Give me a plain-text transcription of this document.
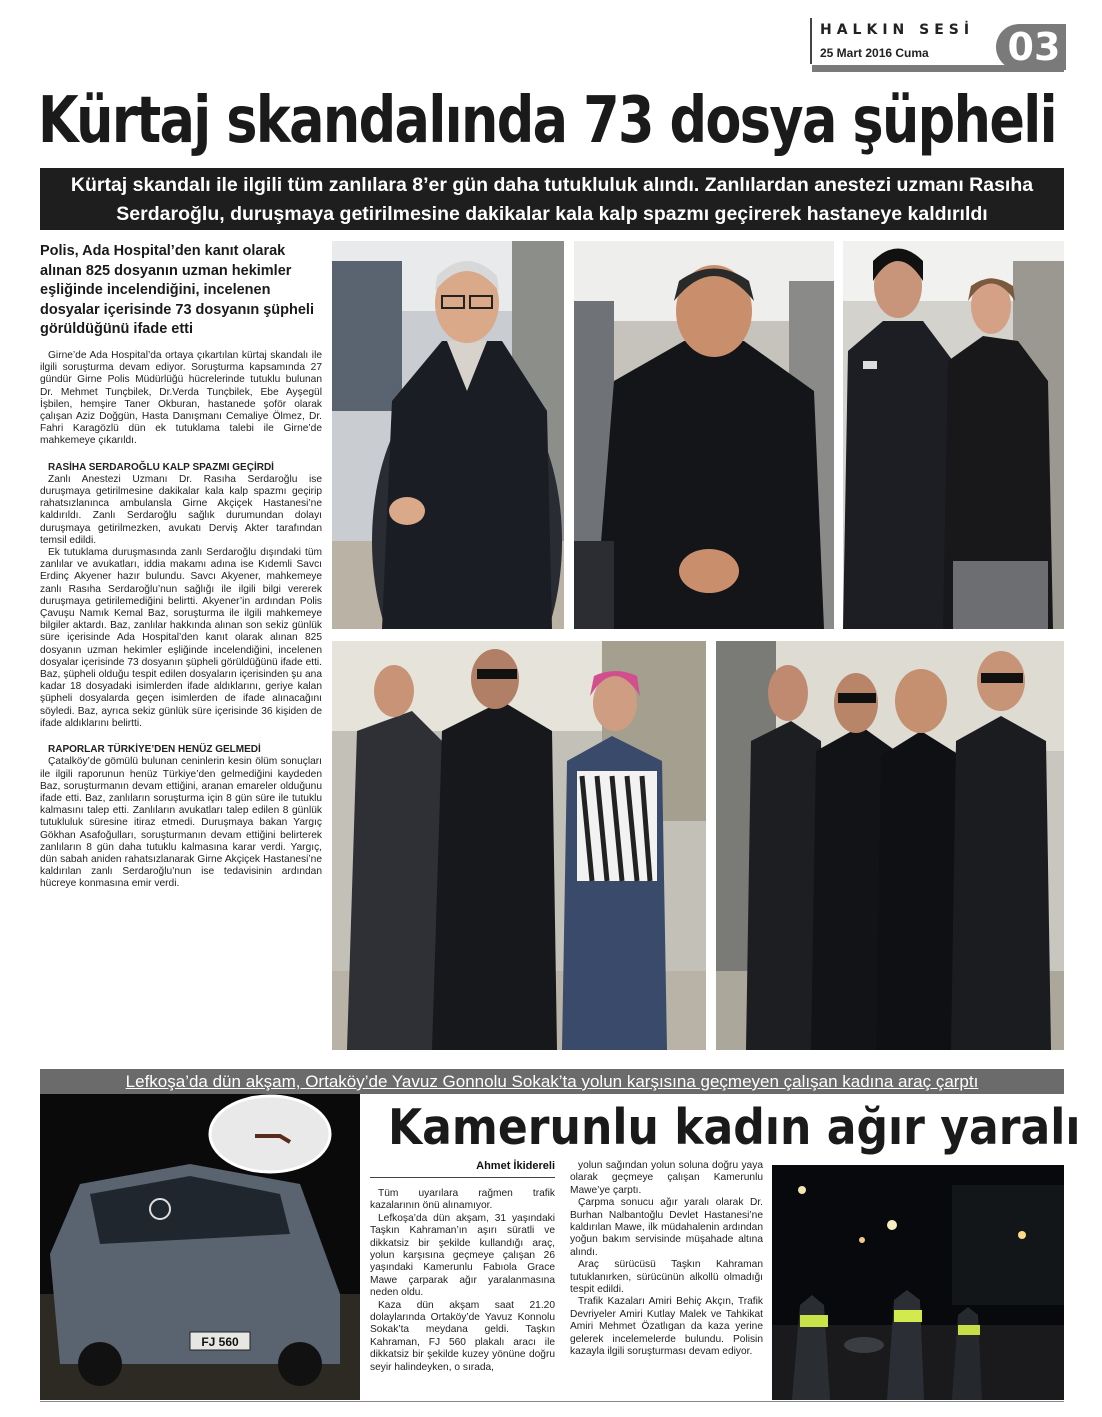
HALKIN SESİ
25 Mart 2016 Cuma 03
Kürtaj skandalında 73 dosya şüpheli
Kürtaj skandalı ile ilgili tüm zanlılara 8’er gün daha tutukluluk alındı. Zanlılardan anestezi uzmanı Rasıha
Serdaroğlu, duruşmaya getirilmesine dakikalar kala kalp spazmı geçirerek hastaneye kaldırıldı
Polis, Ada Hospital’den kanıt olarak alınan 825 dosyanın uzman hekimler eşliğinde incelendiğini, incelenen dosyalar içerisinde 73 dosyanın şüpheli görüldüğünü ifade etti

Girne’de Ada Hospital’da ortaya çıkartılan kürtaj skandalı ile ilgili soruşturma devam ediyor. Soruşturma kapsamında 27 gündür Girne Polis Müdürlüğü hücrelerinde tutuklu bulunan Dr. Mehmet Tunçbilek, Dr.Verda Tunçbilek, Ebe Ayşegül İşbilen, hemşire Taner Okburan, hastanede şoför olarak çalışan Aziz Doğgün, Hasta Danışmanı Cemaliye Ölmez, Dr. Fahri Karagözlü dün ek tutuklama talebi ile Girne’de mahkemeye çıkarıldı.

RASİHA SERDAROĞLU KALP SPAZMI GEÇİRDİ

Zanlı Anestezi Uzmanı Dr. Rasıha Serdaroğlu ise duruşmaya getirilmesine dakikalar kala kalp spazmı geçirip rahatsızlanınca ambulansla Girne Akçiçek Hastanesi’ne kaldırıldı. Zanlı Serdaroğlu sağlık durumundan dolayı duruşmaya getirilmezken, avukatı Derviş Akter tarafından temsil edildi.

Ek tutuklama duruşmasında zanlı Serdaroğlu dışındaki tüm zanlılar ve avukatları, iddia makamı adına ise Kıdemli Savcı Erdinç Akyener hazır bulundu. Savcı Akyener, mahkemeye zanlı Rasıha Serdaroğlu’nun sağlığı ile ilgili bilgi vererek duruşmaya getirilemediğini belirtti. Akyener’in ardından Polis Çavuşu Namık Kemal Baz, soruşturma ile ilgili mahkemeye bilgiler aktardı. Baz, zanlılar hakkında alınan son sekiz günlük süre içerisinde Ada Hospital’den kanıt olarak alınan 825 dosyanın uzman hekimler eşliğinde incelendiğini, incelenen dosyalar içerisinde 73 dosyanın şüpheli görüldüğünü ifade etti. Baz, şüpheli olduğu tespit edilen dosyaların içerisinden şu ana kadar 18 dosyadaki isimlerden ifade aldıklarını, geriye kalan şüpheli dosyalarda geçen isimlerden de ifade alınacağını söyledi. Baz, ayrıca sekiz günlük süre içerisinde 36 kişiden de ifade aldıklarını belirtti.

RAPORLAR TÜRKİYE’DEN HENÜZ GELMEDİ

Çatalköy’de gömülü bulunan ceninlerin kesin ölüm sonuçları ile ilgili raporunun henüz Türkiye’den gelmediğini kaydeden Baz, soruşturmanın devam ettiğini, aranan emareler olduğunu ifade etti. Baz, zanlıların soruşturma için 8 gün süre ile tutuklu kalmasını talep etti. Zanlıların avukatları talep edilen 8 günlük tutukluluk süresine itiraz etmedi. Duruşmaya bakan Yargıç Gökhan Asafoğulları, soruşturmanın devam ettiğini belirterek zanlıların 8 gün daha tutuklu kalmasına karar verdi. Yargıç, dün sabah aniden rahatsızlanarak Girne Akçiçek Hastanesi’ne kaldırılan zanlı Serdaroğlu’nun ise tedavisinin ardından hücreye konmasına emir verdi.

Lefkoşa’da dün akşam, Ortaköy’de Yavuz Gonnolu Sokak’ta yolun karşısına geçmeyen çalışan kadına araç çarptı
FJ 560
Kamerunlu kadın ağır yaralı
Ahmet İkidereli

Tüm uyarılara rağmen trafik kazalarının önü alınamıyor.

Lefkoşa’da dün akşam, 31 yaşındaki Taşkın Kahraman’ın aşırı süratli ve dikkatsiz bir şekilde kullandığı araç, yolun karşısına geçmeye çalışan 26 yaşındaki Kamerunlu Fabıola Grace Mawe çarparak ağır yaralanmasına neden oldu.

Kaza dün akşam saat 21.20 dolaylarında Ortaköy’de Yavuz Konnolu Sokak’ta meydana geldi. Taşkın Kahraman, FJ 560 plakalı aracı ile dikkatsiz bir şekilde kuzey yönüne doğru seyir halindeyken, o sırada,

yolun sağından yolun soluna doğru yaya olarak geçmeye çalışan Kamerunlu Mawe’ye çarptı.

Çarpma sonucu ağır yaralı olarak Dr. Burhan Nalbantoğlu Devlet Hastanesi’ne kaldırılan Mawe, ilk müdahalenin ardından yoğun bakım servisinde müşahade altına alındı.

Araç sürücüsü Taşkın Kahraman tutuklanırken, sürücünün alkollü olmadığı tespit edildi.

Trafik Kazaları Amiri Behiç Akçın, Trafik Devriyeler Amiri Kutlay Malek ve Tahkikat Amiri Mehmet Özatlıgan da kaza yerine gelerek incelemelerde bulundu. Polisin kazayla ilgili soruşturması devam ediyor.
